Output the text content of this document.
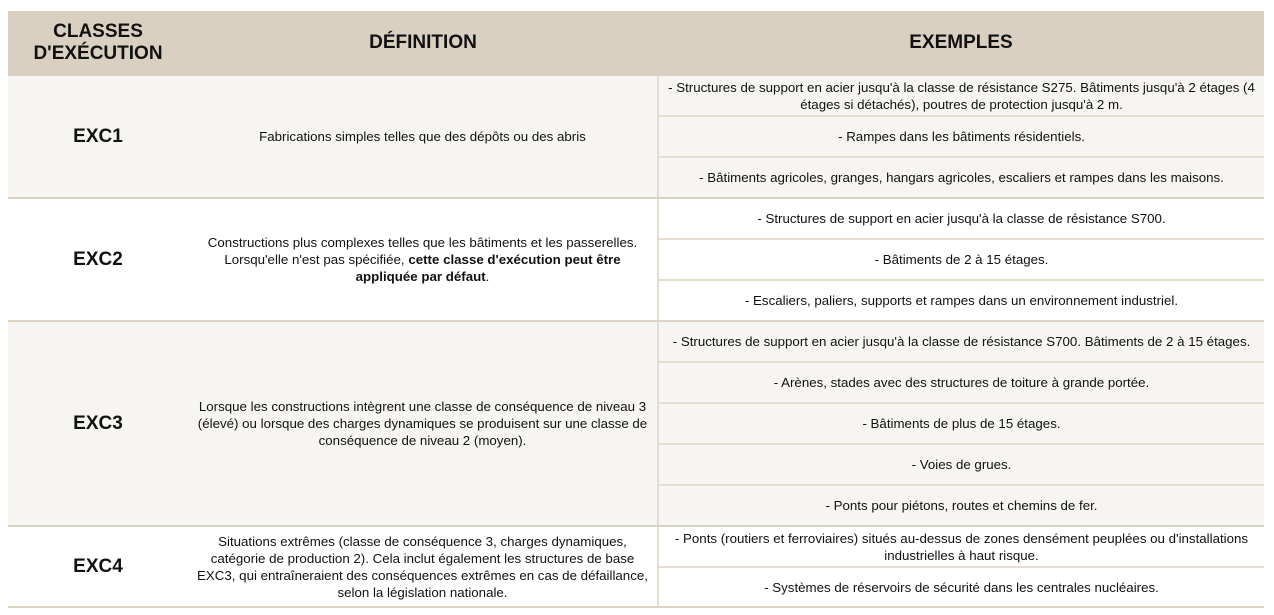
CLASSES D'EXÉCUTION	DÉFINITION	EXEMPLES
EXC1	Fabrications simples telles que des dépôts ou des abris	- Structures de support en acier jusqu'à la classe de résistance S275. Bâtiments jusqu'à 2 étages (4 étages si détachés), poutres de protection jusqu'à 2 m.
		- Rampes dans les bâtiments résidentiels.
		- Bâtiments agricoles, granges, hangars agricoles, escaliers et rampes dans les maisons.
EXC2	Constructions plus complexes telles que les bâtiments et les passerelles. Lorsqu'elle n'est pas spécifiée, cette classe d'exécution peut être appliquée par défaut.	- Structures de support en acier jusqu'à la classe de résistance S700.
		- Bâtiments de 2 à 15 étages.
		- Escaliers, paliers, supports et rampes dans un environnement industriel.
EXC3	Lorsque les constructions intègrent une classe de conséquence de niveau 3 (élevé) ou lorsque des charges dynamiques se produisent sur une classe de conséquence de niveau 2 (moyen).	- Structures de support en acier jusqu'à la classe de résistance S700. Bâtiments de 2 à 15 étages.
		- Arènes, stades avec des structures de toiture à grande portée.
		- Bâtiments de plus de 15 étages.
		- Voies de grues.
		- Ponts pour piétons, routes et chemins de fer.
EXC4	Situations extrêmes (classe de conséquence 3, charges dynamiques, catégorie de production 2). Cela inclut également les structures de base EXC3, qui entraîneraient des conséquences extrêmes en cas de défaillance, selon la législation nationale.	- Ponts (routiers et ferroviaires) situés au-dessus de zones densément peuplées ou d'installations industrielles à haut risque.
		- Systèmes de réservoirs de sécurité dans les centrales nucléaires.
